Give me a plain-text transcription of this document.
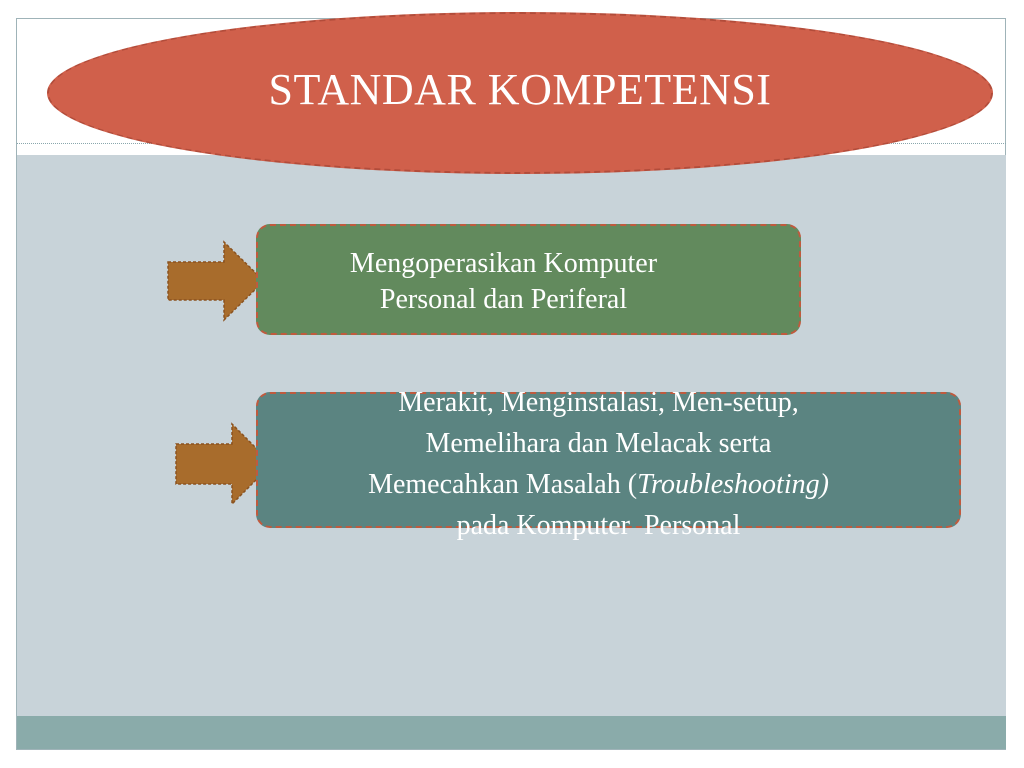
STANDAR KOMPETENSI
Mengoperasikan Komputer
Personal dan Periferal
Merakit, Menginstalasi, Men-setup,
Memelihara dan Melacak serta
Memecahkan Masalah (Troubleshooting)
pada Komputer  Personal
